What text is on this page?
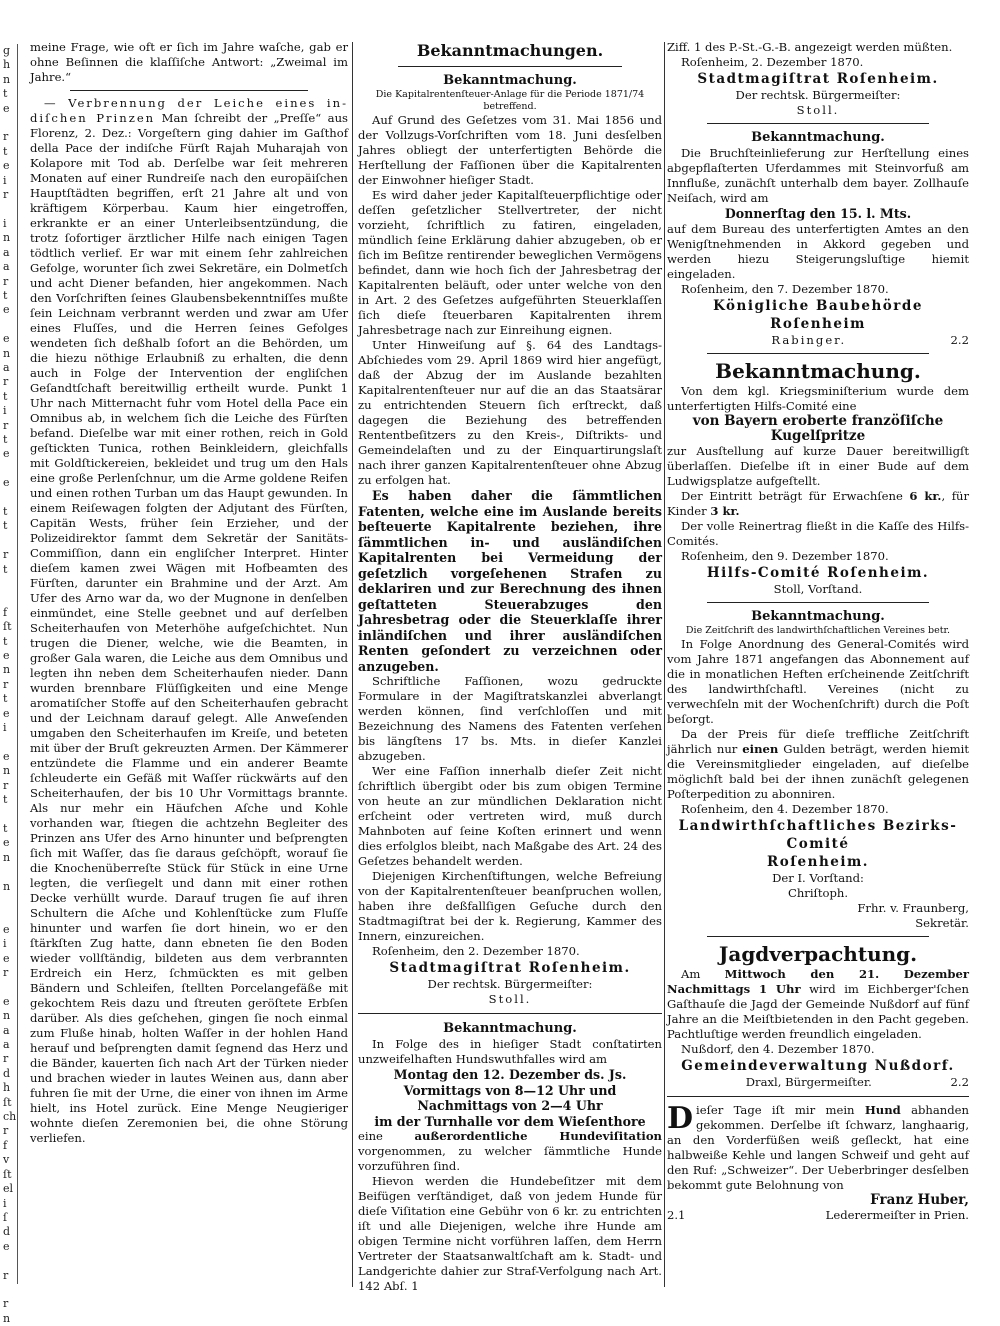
g
h
n
t
e

r
t
e
i
r

i
n
a
a
r
t
e

e
n
a
r
t
i
r
t
e

e

t
t

r
t

f
ſt
t
e
n
r
t
e
i

e
n
r
t

t
e
n

n

e
i
e
r

e
n
a
a
r
d
h
ſt
ch
r
f
v
ſt
el
i
ſ
d
e

r

r
n

meine Frage, wie oft er ſich im Jahre waſche, gab er ohne Beſinnen die klaſſiſche Antwort: „Zweimal im Jahre.“

— Verbrennung der Leiche eines in-diſchen Prinzen Man ſchreibt der „Preſſe“ aus Florenz, 2. Dez.: Vorgeſtern ging dahier im Gaſthof della Pace der indiſche Fürſt Rajah Muharajah von Kolapore mit Tod ab. Derſelbe war ſeit mehreren Monaten auf einer Rundreiſe nach den europäiſchen Hauptſtädten begriffen, erſt 21 Jahre alt und von kräftigem Körperbau. Kaum hier eingetroffen, erkrankte er an einer Unterleibsentzündung, die trotz ſofortiger ärztlicher Hilfe nach einigen Tagen tödtlich verlief. Er war mit einem ſehr zahlreichen Gefolge, worunter ſich zwei Sekretäre, ein Dolmetſch und acht Diener befanden, hier angekommen. Nach den Vorſchriften ſeines Glaubensbekenntniſſes mußte ſein Leichnam verbrannt werden und zwar am Ufer eines Fluſſes, und die Herren ſeines Gefolges wendeten ſich deßhalb ſofort an die Behörden, um die hiezu nöthige Erlaubniß zu erhalten, die denn auch in Folge der Intervention der engliſchen Geſandtſchaft bereitwillig ertheilt wurde. Punkt 1 Uhr nach Mitternacht fuhr vom Hotel della Pace ein Omnibus ab, in welchem ſich die Leiche des Fürſten befand. Dieſelbe war mit einer rothen, reich in Gold geſtickten Tunica, rothen Beinkleidern, gleichfalls mit Goldſtickereien, bekleidet und trug um den Hals eine große Perlenſchnur, um die Arme goldene Reifen und einen rothen Turban um das Haupt gewunden. In einem Reiſewagen folgten der Adjutant des Fürſten, Capitän Wests, früher ſein Erzieher, und der Polizeidirektor ſammt dem Sekretär der Sanitäts-Commiſſion, dann ein engliſcher Interpret. Hinter dieſem kamen zwei Wägen mit Hofbeamten des Fürſten, darunter ein Brahmine und der Arzt. Am Ufer des Arno war da, wo der Mugnone in denſelben einmündet, eine Stelle geebnet und auf derſelben Scheiterhaufen von Meterhöhe aufgeſchichtet. Nun trugen die Diener, welche, wie die Beamten, in großer Gala waren, die Leiche aus dem Omnibus und legten ihn neben dem Scheiterhaufen nieder. Dann wurden brennbare Flüſſigkeiten und eine Menge aromatiſcher Stoffe auf den Scheiterhaufen gebracht und der Leichnam darauf gelegt. Alle Anweſenden umgaben den Scheiterhaufen im Kreiſe, und beteten mit über der Bruſt gekreuzten Armen. Der Kämmerer entzündete die Flamme und ein anderer Beamte ſchleuderte ein Gefäß mit Waſſer rückwärts auf den Scheiterhaufen, der bis 10 Uhr Vormittags brannte. Als nur mehr ein Häufchen Aſche und Kohle vorhanden war, ſtiegen die achtzehn Begleiter des Prinzen ans Ufer des Arno hinunter und beſprengten ſich mit Waſſer, das ſie daraus geſchöpft, worauf ſie die Knochenüberreſte Stück für Stück in eine Urne legten, die verſiegelt und dann mit einer rothen Decke verhüllt wurde. Darauf trugen ſie auf ihren Schultern die Aſche und Kohlenſtücke zum Fluſſe hinunter und warfen ſie dort hinein, wo er den ſtärkſten Zug hatte, dann ebneten ſie den Boden wieder vollſtändig, bildeten aus dem verbrannten Erdreich ein Herz, ſchmückten es mit gelben Bändern und Schleifen, ſtellten Porcelangefäße mit gekochtem Reis dazu und ſtreuten geröſtete Erbſen darüber. Als dies geſchehen, gingen ſie noch einmal zum Fluße hinab, holten Waſſer in der hohlen Hand herauf und beſprengten damit ſegnend das Herz und die Bänder, kauerten ſich nach Art der Türken nieder und brachen wieder in lautes Weinen aus, dann aber fuhren ſie mit der Urne, die einer von ihnen im Arme hielt, ins Hotel zurück. Eine Menge Neugieriger wohnte dieſen Zeremonien bei, die ohne Störung verliefen.

Bekanntmachungen.

Bekanntmachung.

Die Kapitalrentenſteuer-Anlage für die Periode 1871/74 betreffend.

Auf Grund des Geſetzes vom 31. Mai 1856 und der Vollzugs-Vorſchriften vom 18. Juni desſelben Jahres obliegt der unterfertigten Behörde die Herſtellung der Faſſionen über die Kapitalrenten der Einwohner hieſiger Stadt.

Es wird daher jeder Kapitalſteuerpflichtige oder deſſen geſetzlicher Stellvertreter, der nicht vorzieht, ſchriftlich zu fatiren, eingeladen, mündlich ſeine Erklärung dahier abzugeben, ob er ſich im Beſitze rentirender beweglichen Vermögens befindet, dann wie hoch ſich der Jahresbetrag der Kapitalrenten beläuft, oder unter welche von den in Art. 2 des Geſetzes aufgeführten Steuerklaſſen ſich dieſe ſteuerbaren Kapitalrenten ihrem Jahresbetrage nach zur Einreihung eignen.

Unter Hinweiſung auf §. 64 des Landtags-Abſchiedes vom 29. April 1869 wird hier angefügt, daß der Abzug der im Auslande bezahlten Kapitalrentenſteuer nur auf die an das Staatsärar zu entrichtenden Steuern ſich erſtreckt, daß dagegen die Beziehung des betreffenden Rententbeſitzers zu den Kreis-, Diſtrikts- und Gemeindelaſten und zu der Einquartirungslaſt nach ihrer ganzen Kapitalrentenſteuer ohne Abzug zu erfolgen hat.

Es haben daher die ſämmtlichen Fatenten, welche eine im Auslande bereits beſteuerte Kapitalrente beziehen, ihre ſämmtlichen in- und ausländiſchen Kapitalrenten bei Vermeidung der geſetzlich vorgeſehenen Strafen zu deklariren und zur Berechnung des ihnen geſtatteten Steuerabzuges den Jahresbetrag oder die Steuerklaſſe ihrer inländiſchen und ihrer ausländiſchen Renten geſondert zu verzeichnen oder anzugeben.

Schriftliche Faſſionen, wozu gedruckte Formulare in der Magiſtratskanzlei abverlangt werden können, ſind verſchloſſen und mit Bezeichnung des Namens des Fatenten verſehen bis längſtens 17 bs. Mts. in dieſer Kanzlei abzugeben.

Wer eine Faſſion innerhalb dieſer Zeit nicht ſchriftlich übergibt oder bis zum obigen Termine von heute an zur mündlichen Deklaration nicht erſcheint oder vertreten wird, muß durch Mahnboten auf ſeine Koſten erinnert und wenn dies erfolglos bleibt, nach Maßgabe des Art. 24 des Geſetzes behandelt werden.

Diejenigen Kirchenſtiftungen, welche Befreiung von der Kapitalrentenſteuer beanſpruchen wollen, haben ihre deßfallſigen Geſuche durch den Stadtmagiſtrat bei der k. Regierung, Kammer des Innern, einzureichen.

Roſenheim, den 2. Dezember 1870.

Stadtmagiſtrat Roſenheim.

Der rechtsk. Bürgermeiſter:

Stoll.

Bekanntmachung.

In Folge des in hieſiger Stadt conſtatirten unzweifelhaften Hundswuthfalles wird am

Montag den 12. Dezember ds. Js.

Vormittags von 8—12 Uhr und

Nachmittags von 2—4 Uhr

im der Turnhalle vor dem Wieſenthore

eine außerordentliche Hundeviſitation vorgenommen, zu welcher ſämmtliche Hunde vorzuführen ſind.

Hievon werden die Hundebeſitzer mit dem Beifügen verſtändiget, daß von jedem Hunde für dieſe Viſitation eine Gebühr von 6 kr. zu entrichten iſt und alle Diejenigen, welche ihre Hunde am obigen Termine nicht vorführen laſſen, dem Herrn Vertreter der Staatsanwaltſchaft am k. Stadt- und Landgerichte dahier zur Straf-Verfolgung nach Art. 142 Abſ. 1

Ziff. 1 des P.-St.-G.-B. angezeigt werden müßten.

Roſenheim, 2. Dezember 1870.

Stadtmagiſtrat Roſenheim.

Der rechtsk. Bürgermeiſter:

Stoll.

Bekanntmachung.

Die Bruchſteinlieferung zur Herſtellung eines abgepflaſterten Uferdammes mit Steinvorfuß am Innfluße, zunächſt unterhalb dem bayer. Zollhauſe Neiſach, wird am

Donnerſtag den 15. l. Mts.

auf dem Bureau des unterfertigten Amtes an den Wenigſtnehmenden in Akkord gegeben und werden hiezu Steigerungsluſtige hiemit eingeladen.

Roſenheim, den 7. Dezember 1870.

Königliche Baubehörde Roſenheim

Rabinger.	2.2

Bekanntmachung.

Von dem kgl. Kriegsminiſterium wurde dem unterfertigten Hilfs-Comité eine

von Bayern eroberte franzöſiſche

Kugelſpritze

zur Ausſtellung auf kurze Dauer bereitwilligſt überlaſſen. Dieſelbe iſt in einer Bude auf dem Ludwigsplatze aufgeſtellt.

Der Eintritt beträgt für Erwachſene 6 kr., für Kinder 3 kr.

Der volle Reinertrag fließt in die Kaſſe des Hilfs-Comités.

Roſenheim, den 9. Dezember 1870.

Hilfs-Comité Roſenheim.

Stoll, Vorſtand.

Bekanntmachung.

Die Zeitſchrift des landwirthſchaftlichen Vereines betr.

In Folge Anordnung des General-Comités wird vom Jahre 1871 angefangen das Abonnement auf die in monatlichen Heften erſcheinende Zeitſchrift des landwirthſchaftl. Vereines (nicht zu verwechſeln mit der Wochenſchrift) durch die Poſt beſorgt.

Da der Preis für dieſe treffliche Zeitſchrift jährlich nur einen Gulden beträgt, werden hiemit die Vereinsmitglieder eingeladen, auf dieſelbe möglichſt bald bei der ihnen zunächſt gelegenen Poſterpedition zu abonniren.

Roſenheim, den 4. Dezember 1870.

Landwirthſchaftliches Bezirks-Comité

Roſenheim.

Der I. Vorſtand:

Chriſtoph.

Frhr. v. Fraunberg,

Sekretär.

Jagdverpachtung.

Am Mittwoch den 21. Dezember Nachmittags 1 Uhr wird im Eichberger'ſchen Gaſthauſe die Jagd der Gemeinde Nußdorf auf fünf Jahre an die Meiſtbietenden in den Pacht gegeben. Pachtluſtige werden freundlich eingeladen.

Nußdorf, den 4. Dezember 1870.

Gemeindeverwaltung Nußdorf.

Draxl, Bürgermeiſter.	2.2

Dieſer Tage iſt mir mein Hund abhanden gekommen. Derſelbe iſt ſchwarz, langhaarig, an den Vorderfüßen weiß geſleckt, hat eine halbweiße Kehle und langen Schweif und geht auf den Ruf: „Schweizer“. Der Ueberbringer desſelben bekommt gute Belohnung von

Franz Huber,

2.1	Lederermeiſter in Prien.
